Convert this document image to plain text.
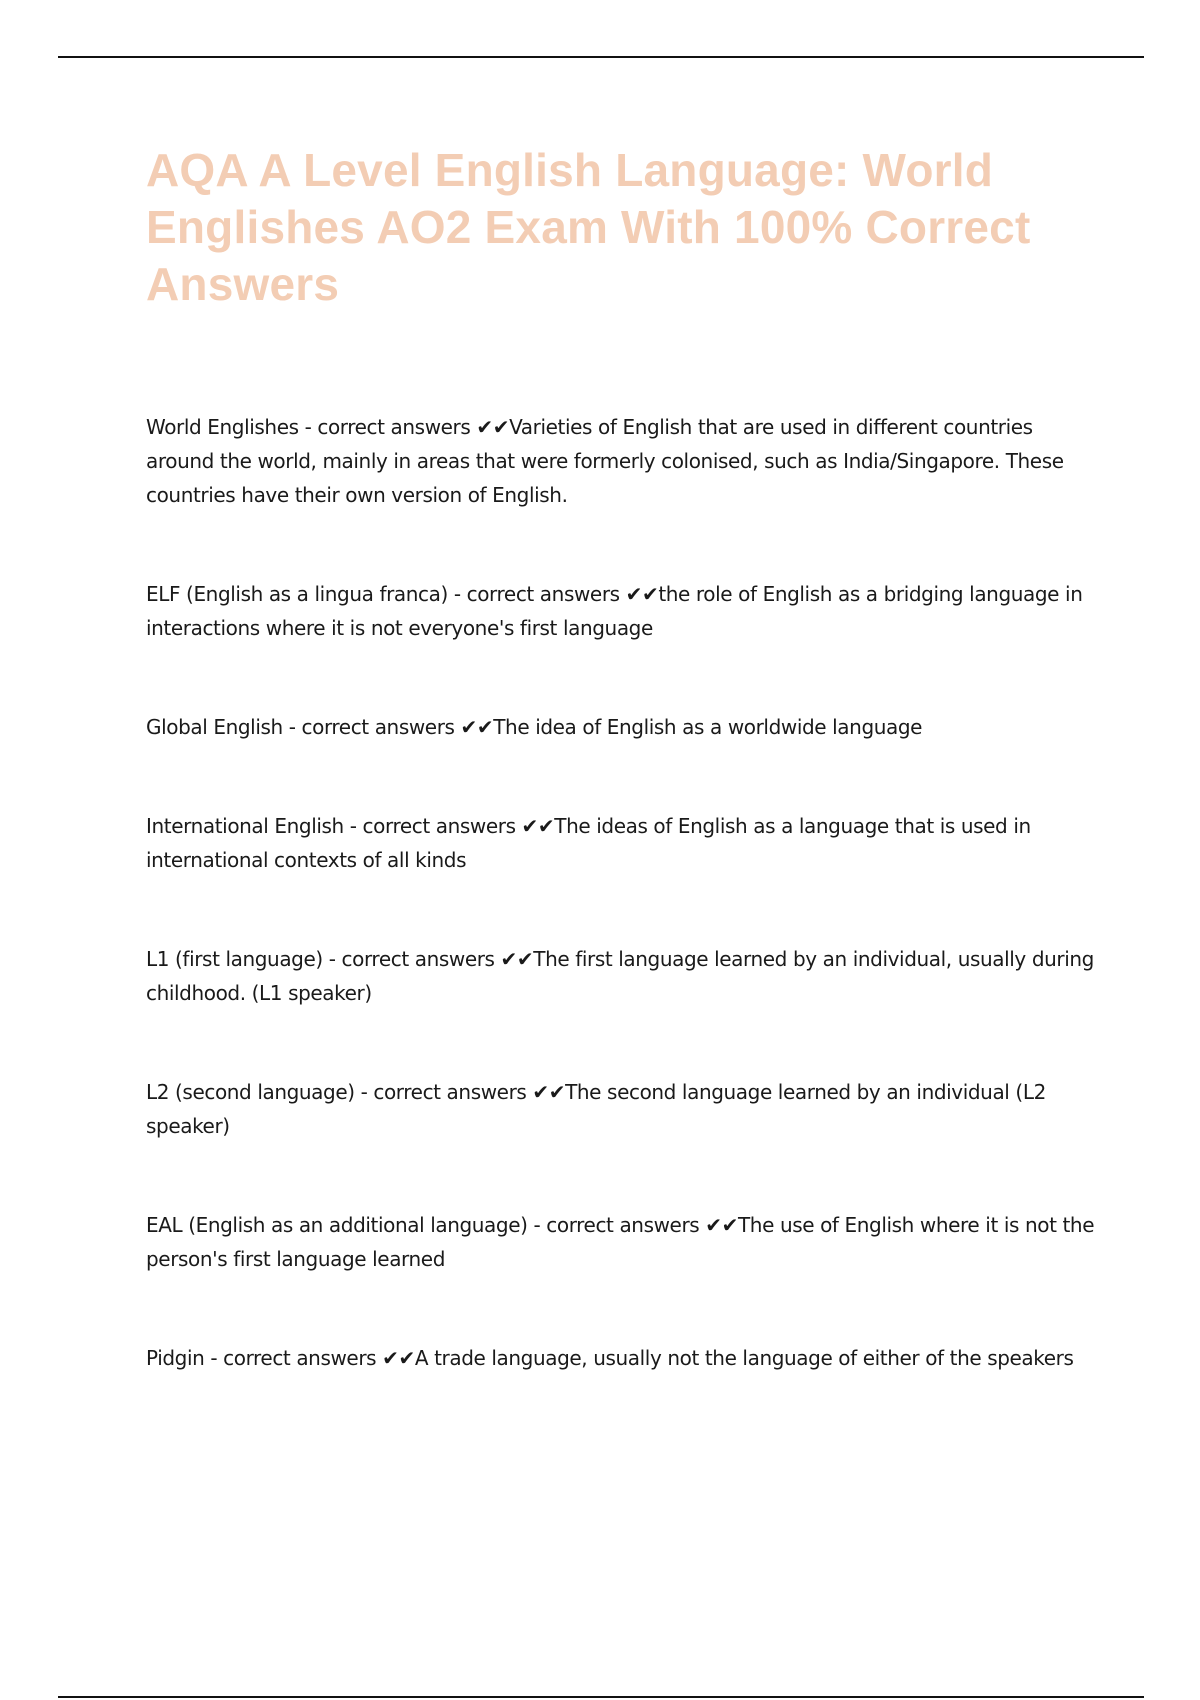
AQA A Level English Language: World Englishes AO2 Exam With 100% Correct Answers

World Englishes - correct answers ✔✔Varieties of English that are used in different countries around the world, mainly in areas that were formerly colonised, such as India/Singapore. These countries have their own version of English.

ELF (English as a lingua franca) - correct answers ✔✔the role of English as a bridging language in interactions where it is not everyone's first language

Global English - correct answers ✔✔The idea of English as a worldwide language

International English - correct answers ✔✔The ideas of English as a language that is used in international contexts of all kinds

L1 (first language) - correct answers ✔✔The first language learned by an individual, usually during childhood. (L1 speaker)

L2 (second language) - correct answers ✔✔The second language learned by an individual (L2 speaker)

EAL (English as an additional language) - correct answers ✔✔The use of English where it is not the person's first language learned

Pidgin - correct answers ✔✔A trade language, usually not the language of either of the speakers
